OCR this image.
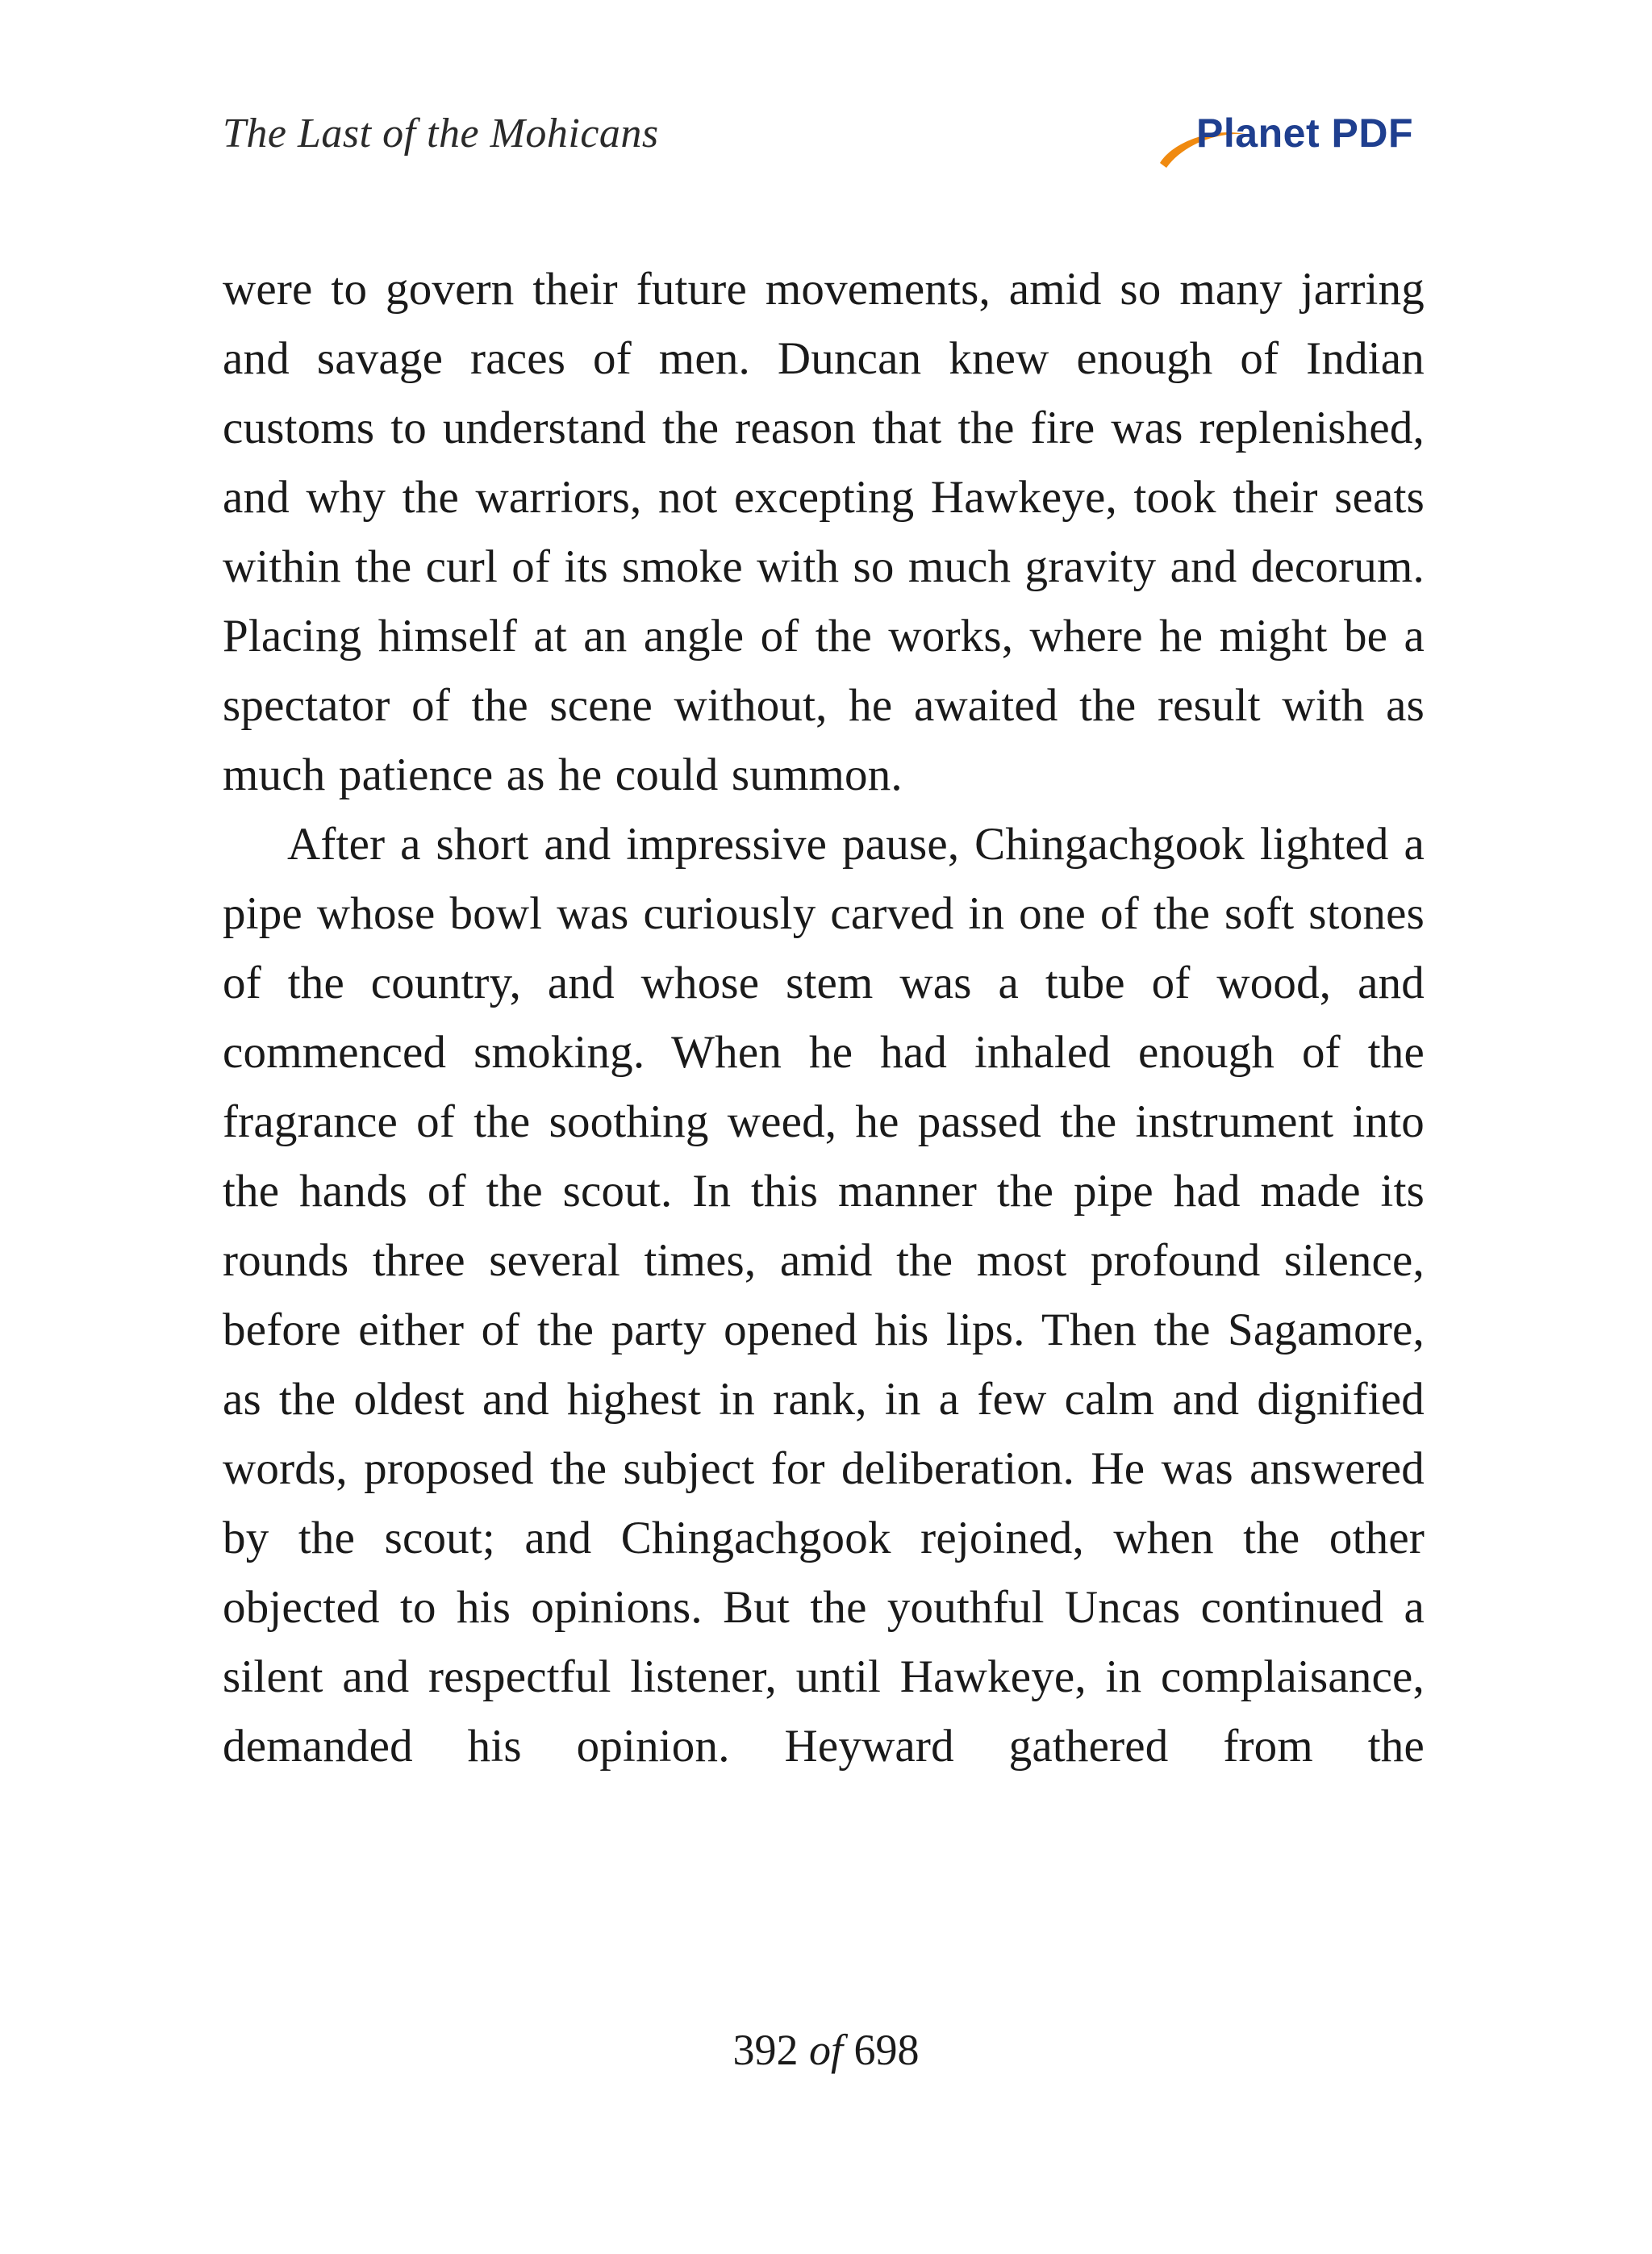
The Last of the Mohicans	Planet PDF

were to govern their future movements, amid so many jarring and savage races of men. Duncan knew enough of Indian customs to understand the reason that the fire was replenished, and why the warriors, not excepting Hawkeye, took their seats within the curl of its smoke with so much gravity and decorum. Placing himself at an angle of the works, where he might be a spectator of the scene without, he awaited the result with as much patience as he could summon.

After a short and impressive pause, Chingachgook lighted a pipe whose bowl was curiously carved in one of the soft stones of the country, and whose stem was a tube of wood, and commenced smoking. When he had inhaled enough of the fragrance of the soothing weed, he passed the instrument into the hands of the scout. In this manner the pipe had made its rounds three several times, amid the most profound silence, before either of the party opened his lips. Then the Sagamore, as the oldest and highest in rank, in a few calm and dignified words, proposed the subject for deliberation. He was answered by the scout; and Chingachgook rejoined, when the other objected to his opinions. But the youthful Uncas continued a silent and respectful listener, until Hawkeye, in complaisance, demanded his opinion. Heyward gathered from the

392 of 698
